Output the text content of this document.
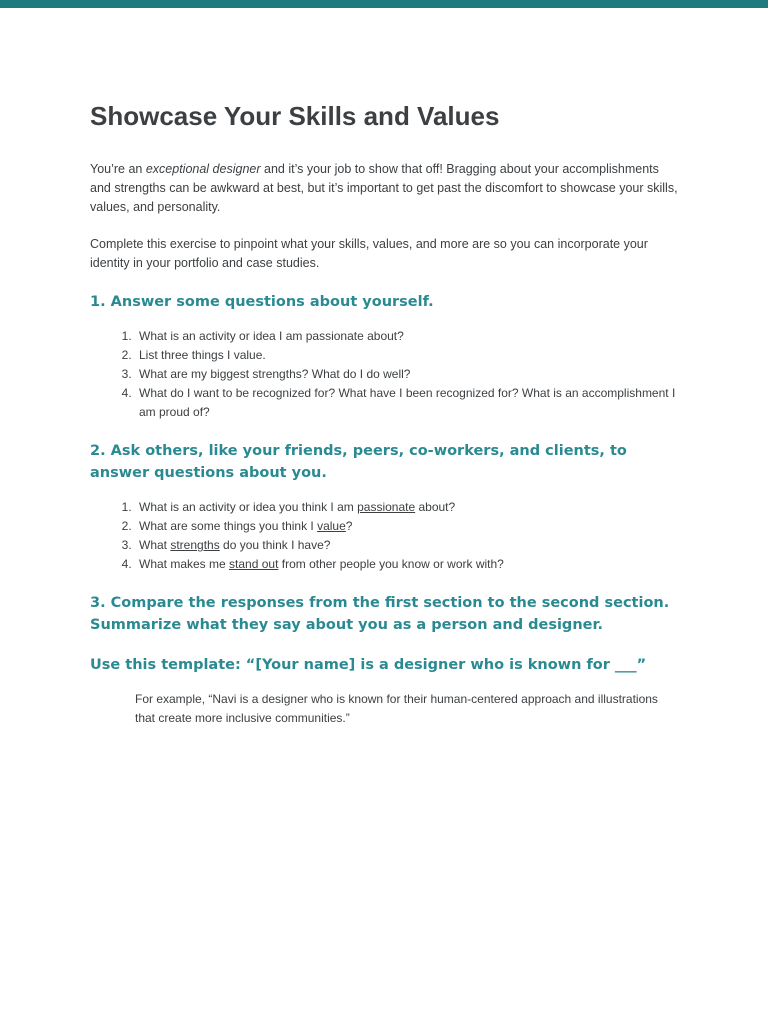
Showcase Your Skills and Values

You’re an exceptional designer and it’s your job to show that off! Bragging about your accomplishments and strengths can be awkward at best, but it’s important to get past the discomfort to showcase your skills, values, and personality.

Complete this exercise to pinpoint what your skills, values, and more are so you can incorporate your identity in your portfolio and case studies.

1. Answer some questions about yourself.
1. What is an activity or idea I am passionate about?
2. List three things I value.
3. What are my biggest strengths? What do I do well?
4. What do I want to be recognized for? What have I been recognized for? What is an accomplishment I am proud of?
2. Ask others, like your friends, peers, co-workers, and clients, to answer questions about you.
1. What is an activity or idea you think I am passionate about?
2. What are some things you think I value?
3. What strengths do you think I have?
4. What makes me stand out from other people you know or work with?
3. Compare the responses from the first section to the second section. Summarize what they say about you as a person and designer.
Use this template: “[Your name] is a designer who is known for ___”

For example, “Navi is a designer who is known for their human-centered approach and illustrations that create more inclusive communities.”
